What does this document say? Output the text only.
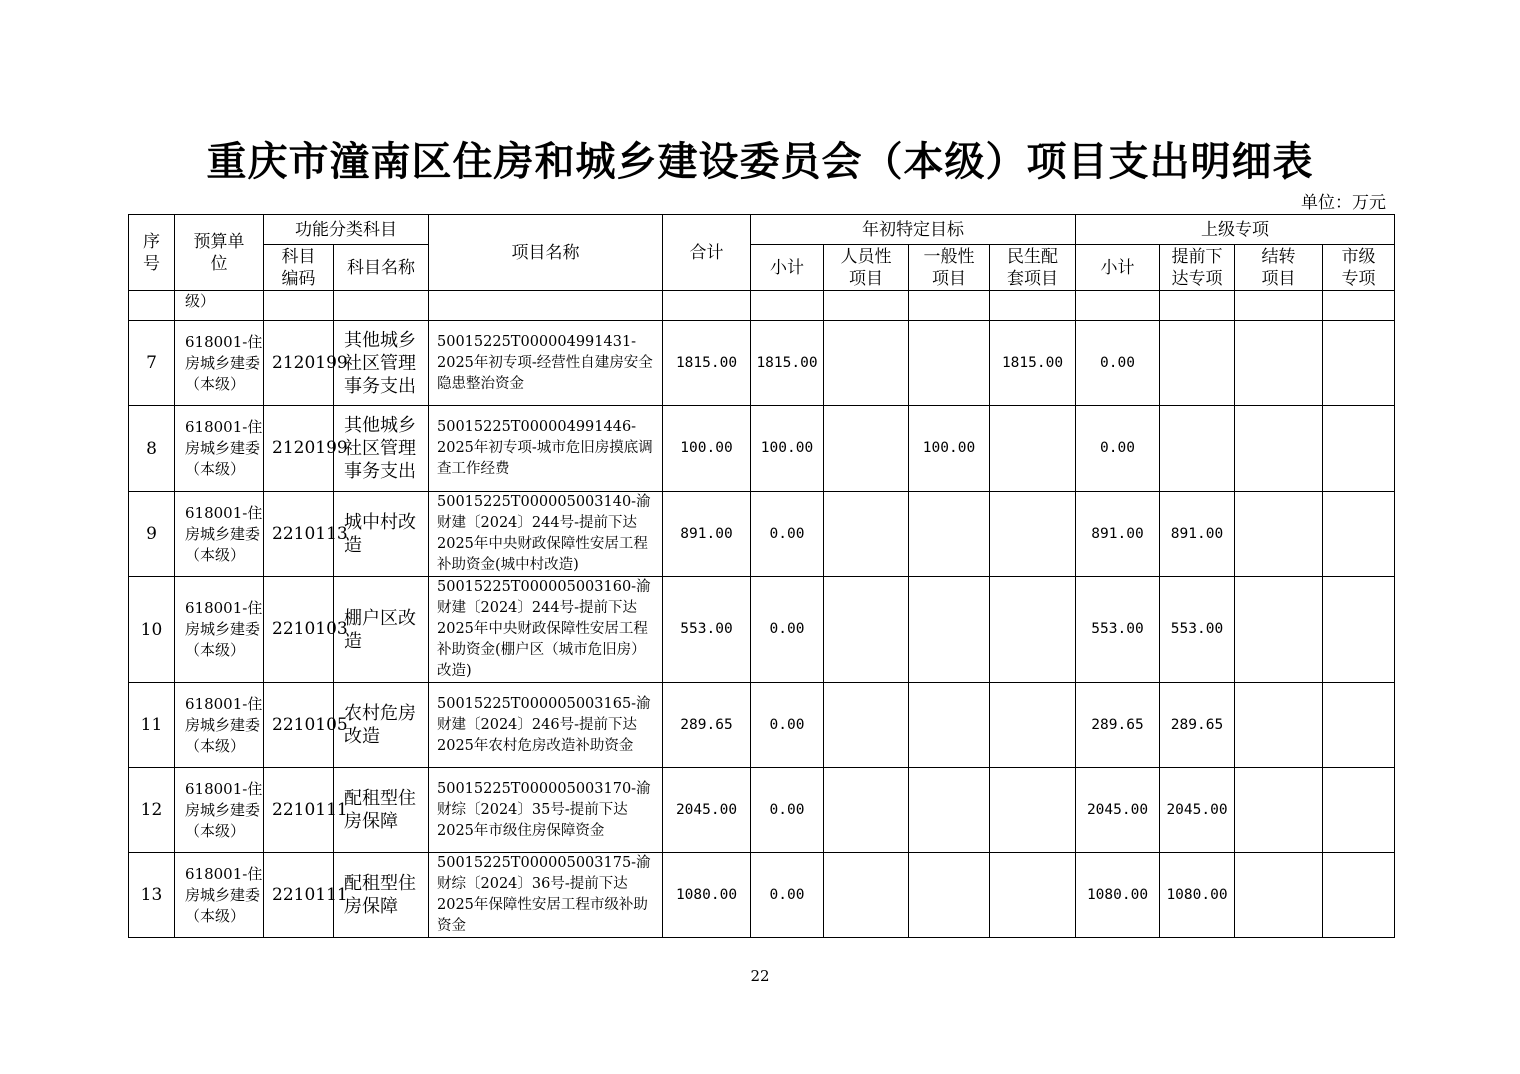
重庆市潼南区住房和城乡建设委员会（本级）项目支出明细表
单位：万元
序号	预算单位	功能分类科目		项目名称	合计	年初特定目标				上级专项			
		科目编码	科目名称			小计	人员性项目	一般性项目	民生配套项目	小计	提前下达专项	结转项目	市级专项
	级）												
7	618001-住房城乡建委（本级）	2120199	其他城乡社区管理事务支出	50015225T000004991431-2025年初专项-经营性自建房安全隐患整治资金	1815.00	1815.00			1815.00	0.00			
8	618001-住房城乡建委（本级）	2120199	其他城乡社区管理事务支出	50015225T000004991446-2025年初专项-城市危旧房摸底调查工作经费	100.00	100.00		100.00		0.00			
9	618001-住房城乡建委（本级）	2210113	城中村改造	50015225T000005003140-渝财建〔2024〕244号-提前下达2025年中央财政保障性安居工程补助资金(城中村改造)	891.00	0.00				891.00	891.00		
10	618001-住房城乡建委（本级）	2210103	棚户区改造	50015225T000005003160-渝财建〔2024〕244号-提前下达2025年中央财政保障性安居工程补助资金(棚户区（城市危旧房）改造)	553.00	0.00				553.00	553.00		
11	618001-住房城乡建委（本级）	2210105	农村危房改造	50015225T000005003165-渝财建〔2024〕246号-提前下达2025年农村危房改造补助资金	289.65	0.00				289.65	289.65		
12	618001-住房城乡建委（本级）	2210111	配租型住房保障	50015225T000005003170-渝财综〔2024〕35号-提前下达2025年市级住房保障资金	2045.00	0.00				2045.00	2045.00		
13	618001-住房城乡建委（本级）	2210111	配租型住房保障	50015225T000005003175-渝财综〔2024〕36号-提前下达2025年保障性安居工程市级补助资金	1080.00	0.00				1080.00	1080.00		
22
